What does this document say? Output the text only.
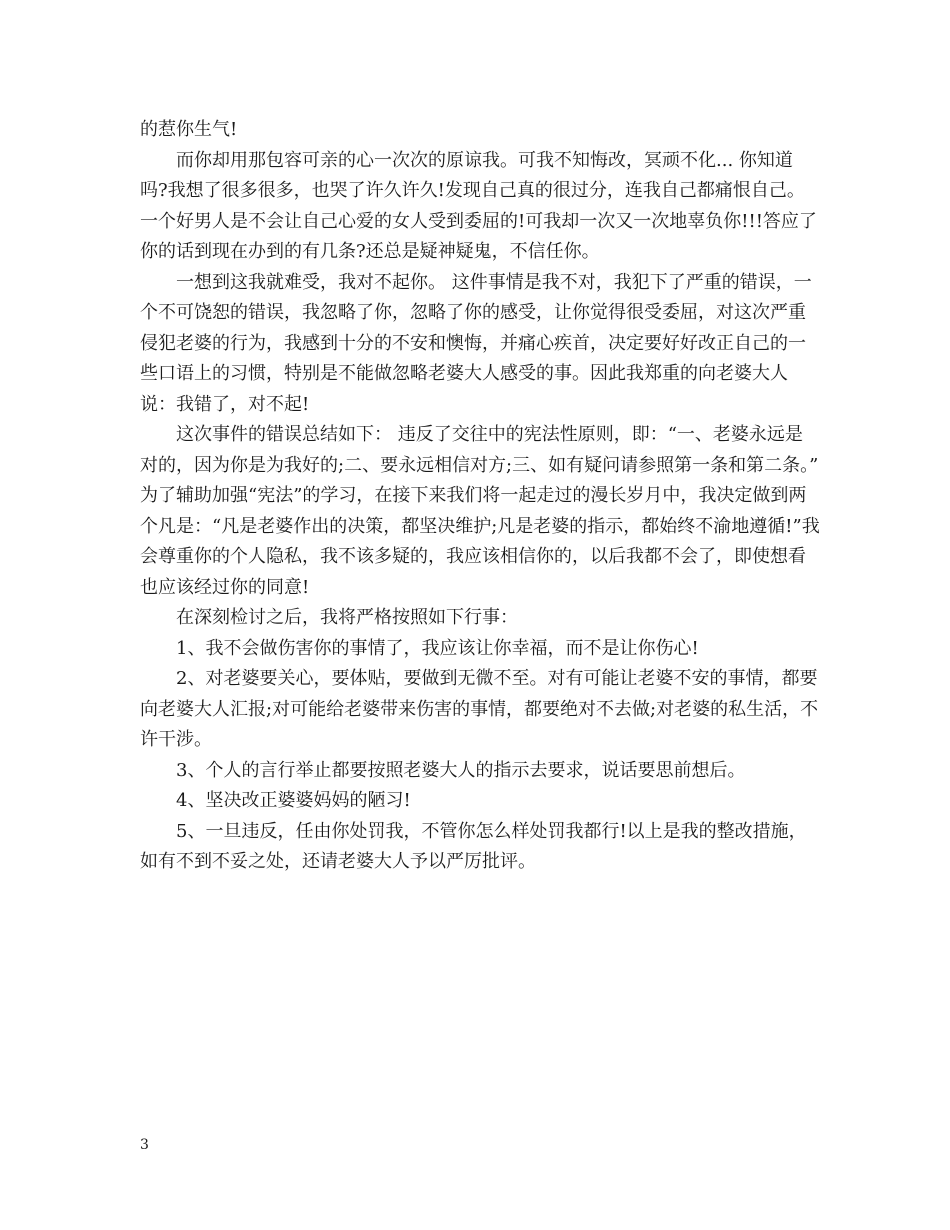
的惹你生气!

而你却用那包容可亲的心一次次的原谅我。可我不知悔改，冥顽不化... 你知道吗?我想了很多很多，也哭了许久许久!发现自己真的很过分，连我自己都痛恨自己。一个好男人是不会让自己心爱的女人受到委屈的!可我却一次又一次地辜负你!!!答应了你的话到现在办到的有几条?还总是疑神疑鬼，不信任你。

一想到这我就难受，我对不起你。 这件事情是我不对，我犯下了严重的错误，一个不可饶恕的错误，我忽略了你，忽略了你的感受，让你觉得很受委屈，对这次严重侵犯老婆的行为，我感到十分的不安和懊悔，并痛心疾首，决定要好好改正自己的一些口语上的习惯，特别是不能做忽略老婆大人感受的事。因此我郑重的向老婆大人说：我错了，对不起!

这次事件的错误总结如下： 违反了交往中的宪法性原则，即：“一、老婆永远是对的，因为你是为我好的;二、要永远相信对方;三、如有疑问请参照第一条和第二条。” 为了辅助加强“宪法”的学习，在接下来我们将一起走过的漫长岁月中，我决定做到两个凡是：“凡是老婆作出的决策，都坚决维护;凡是老婆的指示，都始终不渝地遵循!”我会尊重你的个人隐私，我不该多疑的，我应该相信你的，以后我都不会了，即使想看也应该经过你的同意!

在深刻检讨之后，我将严格按照如下行事：

1、我不会做伤害你的事情了，我应该让你幸福，而不是让你伤心!

2、对老婆要关心，要体贴，要做到无微不至。对有可能让老婆不安的事情，都要向老婆大人汇报;对可能给老婆带来伤害的事情，都要绝对不去做;对老婆的私生活，不许干涉。

3、个人的言行举止都要按照老婆大人的指示去要求，说话要思前想后。

4、坚决改正婆婆妈妈的陋习!

5、一旦违反，任由你处罚我，不管你怎么样处罚我都行!以上是我的整改措施，如有不到不妥之处，还请老婆大人予以严厉批评。

3
